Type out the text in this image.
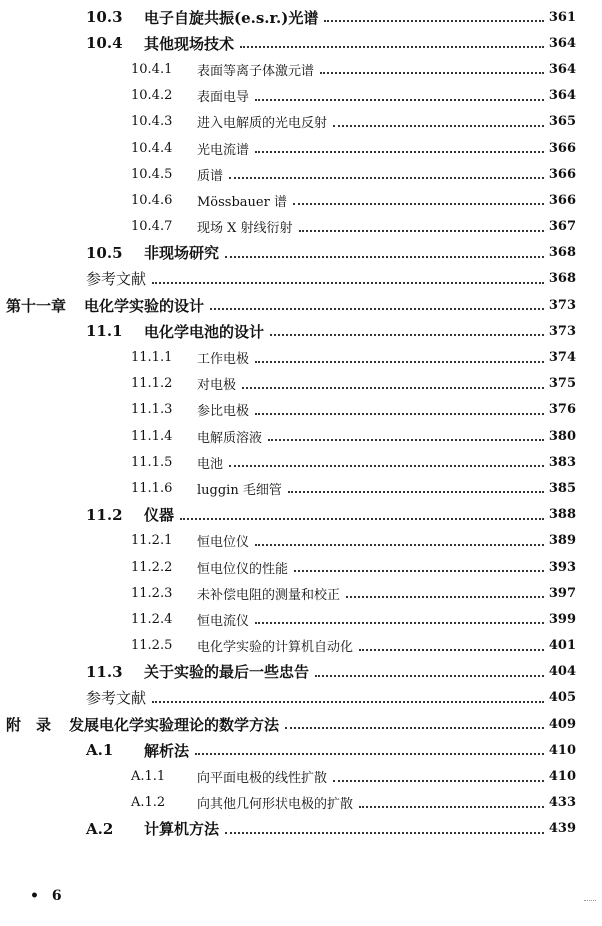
10.3	电子自旋共振(e.s.r.)光谱	361
10.4	其他现场技术	364
10.4.1	表面等离子体激元谱	364
10.4.2	表面电导	364
10.4.3	进入电解质的光电反射	365
10.4.4	光电流谱	366
10.4.5	质谱	366
10.4.6	Mössbauer 谱	366
10.4.7	现场 X 射线衍射	367
10.5	非现场研究	368
参考文献	368
第十一章 电化学实验的设计	373
11.1	电化学电池的设计	373
11.1.1	工作电极	374
11.1.2	对电极	375
11.1.3	参比电极	376
11.1.4	电解质溶液	380
11.1.5	电池	383
11.1.6	luggin 毛细管	385
11.2	仪器	388
11.2.1	恒电位仪	389
11.2.2	恒电位仪的性能	393
11.2.3	未补偿电阻的测量和校正	397
11.2.4	恒电流仪	399
11.2.5	电化学实验的计算机自动化	401
11.3	关于实验的最后一些忠告	404
参考文献	405
附　录 发展电化学实验理论的数学方法	409
A.1	解析法	410
A.1.1	向平面电极的线性扩散	410
A.1.2	向其他几何形状电极的扩散	433
A.2	计算机方法	439
• 6
